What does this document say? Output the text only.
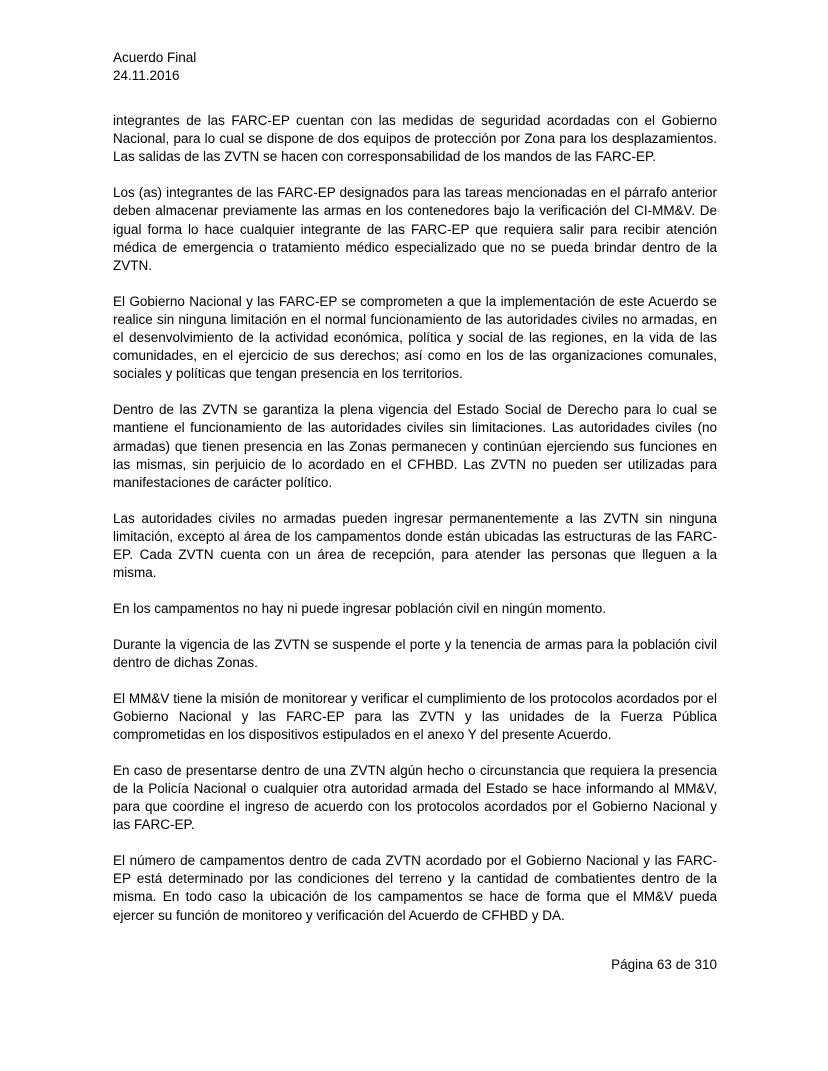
Acuerdo Final
24.11.2016

integrantes de las FARC-EP cuentan con las medidas de seguridad acordadas con el Gobierno Nacional, para lo cual se dispone de dos equipos de protección por Zona para los desplazamientos. Las salidas de las ZVTN se hacen con corresponsabilidad de los mandos de las FARC-EP.

Los (as) integrantes de las FARC-EP designados para las tareas mencionadas en el párrafo anterior deben almacenar previamente las armas en los contenedores bajo la verificación del CI-MM&V. De igual forma lo hace cualquier integrante de las FARC-EP que requiera salir para recibir atención médica de emergencia o tratamiento médico especializado que no se pueda brindar dentro de la ZVTN.

El Gobierno Nacional y las FARC-EP se comprometen a que la implementación de este Acuerdo se realice sin ninguna limitación en el normal funcionamiento de las autoridades civiles no armadas, en el desenvolvimiento de la actividad económica, política y social de las regiones, en la vida de las comunidades, en el ejercicio de sus derechos; así como en los de las organizaciones comunales, sociales y políticas que tengan presencia en los territorios.

Dentro de las ZVTN se garantiza la plena vigencia del Estado Social de Derecho para lo cual se mantiene el funcionamiento de las autoridades civiles sin limitaciones. Las autoridades civiles (no armadas) que tienen presencia en las Zonas permanecen y continúan ejerciendo sus funciones en las mismas, sin perjuicio de lo acordado en el CFHBD. Las ZVTN no pueden ser utilizadas para manifestaciones de carácter político.

Las autoridades civiles no armadas pueden ingresar permanentemente a las ZVTN sin ninguna limitación, excepto al área de los campamentos donde están ubicadas las estructuras de las FARC-EP. Cada ZVTN cuenta con un área de recepción, para atender las personas que lleguen a la misma.

En los campamentos no hay ni puede ingresar población civil en ningún momento.

Durante la vigencia de las ZVTN se suspende el porte y la tenencia de armas para la población civil dentro de dichas Zonas.

El MM&V tiene la misión de monitorear y verificar el cumplimiento de los protocolos acordados por el Gobierno Nacional y las FARC-EP para las ZVTN y las unidades de la Fuerza Pública comprometidas en los dispositivos estipulados en el anexo Y del presente Acuerdo.

En caso de presentarse dentro de una ZVTN algún hecho o circunstancia que requiera la presencia de la Policía Nacional o cualquier otra autoridad armada del Estado se hace informando al MM&V, para que coordine el ingreso de acuerdo con los protocolos acordados por el Gobierno Nacional y las FARC-EP.

El número de campamentos dentro de cada ZVTN acordado por el Gobierno Nacional y las FARC-EP está determinado por las condiciones del terreno y la cantidad de combatientes dentro de la misma. En todo caso la ubicación de los campamentos se hace de forma que el MM&V pueda ejercer su función de monitoreo y verificación del Acuerdo de CFHBD y DA.

Página 63 de 310
